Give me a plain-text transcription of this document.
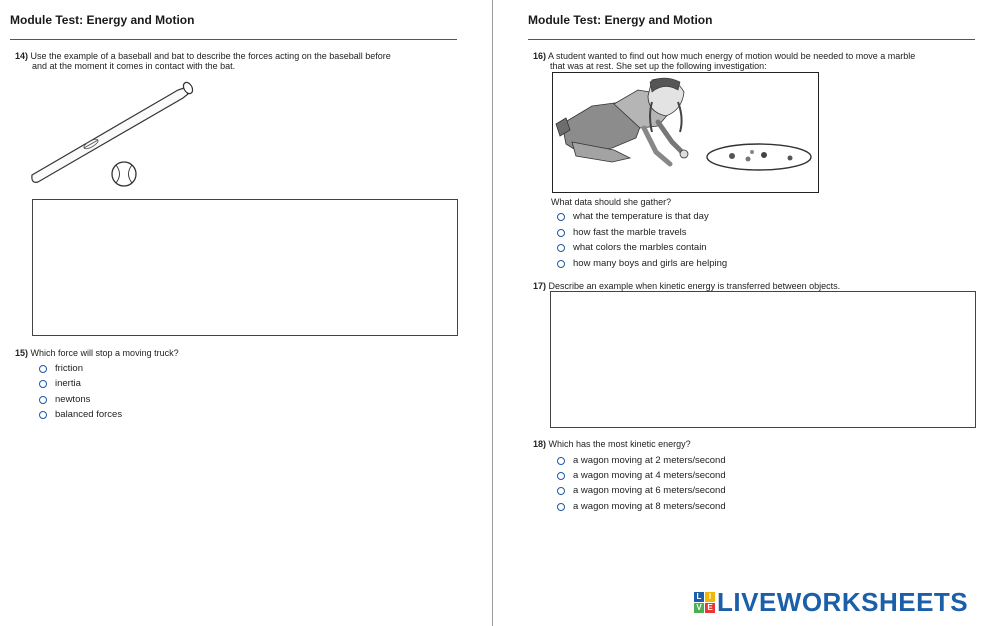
Module Test: Energy and Motion
14) Use the example of a baseball and bat to describe the forces acting on the baseball before
and at the moment it comes in contact with the bat.
15) Which force will stop a moving truck?
friction
inertia
newtons
balanced forces
Module Test: Energy and Motion
16) A student wanted to find out how much energy of motion would be needed to move a marble
that was at rest. She set up the following investigation:
What data should she gather?
what the temperature is that day
how fast the marble travels
what colors the marbles contain
how many boys and girls are helping
17) Describe an example when kinetic energy is transferred between objects.
18) Which has the most kinetic energy?
a wagon moving at 2 meters/second
a wagon moving at 4 meters/second
a wagon moving at 6 meters/second
a wagon moving at 8 meters/second
L I
V E LIVEWORKSHEETS
